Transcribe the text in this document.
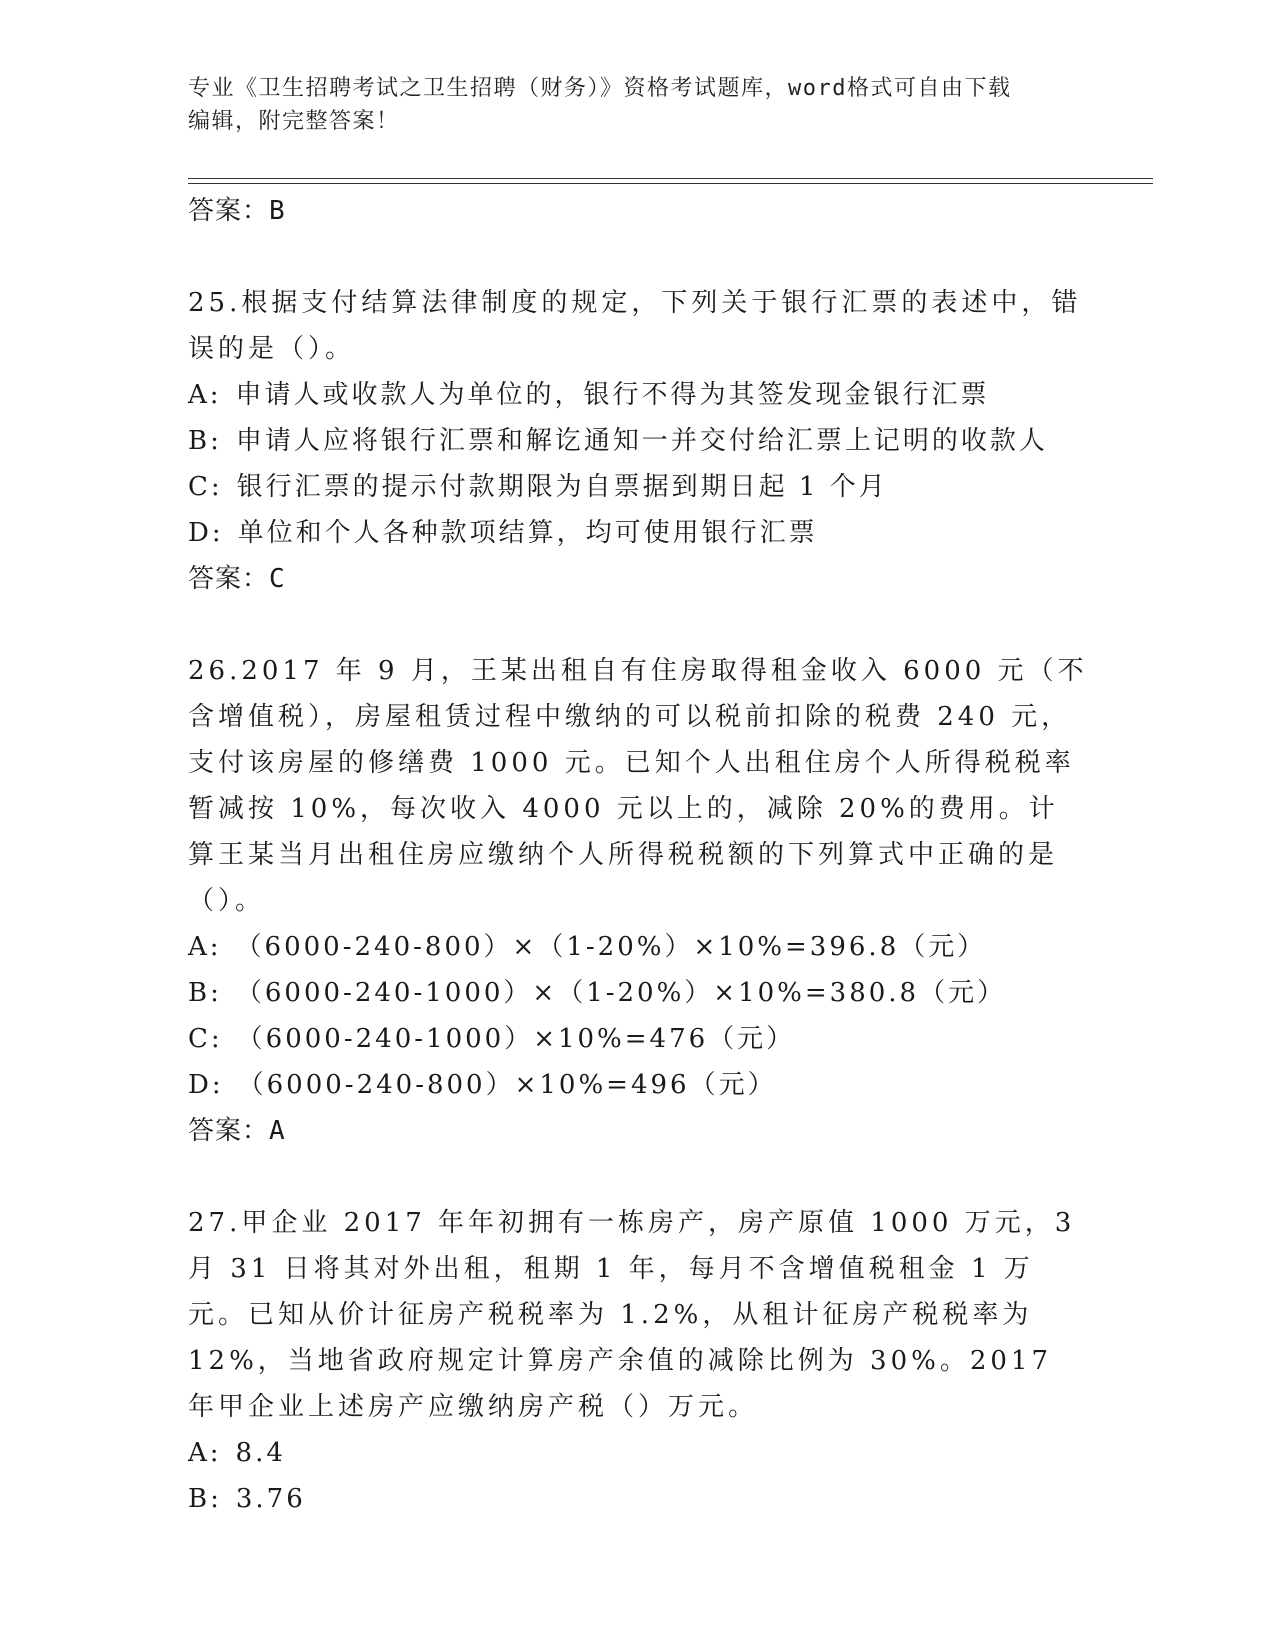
专业《卫生招聘考试之卫生招聘（财务）》资格考试题库，word格式可自由下载
编辑，附完整答案！
答案：B
25.根据支付结算法律制度的规定，下列关于银行汇票的表述中，错误的是（）。
A: 申请人或收款人为单位的，银行不得为其签发现金银行汇票
B: 申请人应将银行汇票和解讫通知一并交付给汇票上记明的收款人
C: 银行汇票的提示付款期限为自票据到期日起 1 个月
D: 单位和个人各种款项结算，均可使用银行汇票
答案：C
26.2017 年 9 月，王某出租自有住房取得租金收入 6000 元（不含增值税），房屋租赁过程中缴纳的可以税前扣除的税费 240 元，支付该房屋的修缮费 1000 元。已知个人出租住房个人所得税税率暂减按 10%，每次收入 4000 元以上的，减除 20%的费用。计算王某当月出租住房应缴纳个人所得税税额的下列算式中正确的是（）。
A: （6000-240-800）×（1-20%）×10%=396.8（元）
B: （6000-240-1000）×（1-20%）×10%=380.8（元）
C: （6000-240-1000）×10%=476（元）
D: （6000-240-800）×10%=496（元）
答案：A
27.甲企业 2017 年年初拥有一栋房产，房产原值 1000 万元，3 月 31 日将其对外出租，租期 1 年，每月不含增值税租金 1 万元。已知从价计征房产税税率为 1.2%，从租计征房产税税率为 12%，当地省政府规定计算房产余值的减除比例为 30%。2017 年甲企业上述房产应缴纳房产税（）万元。
A: 8.4
B: 3.76
